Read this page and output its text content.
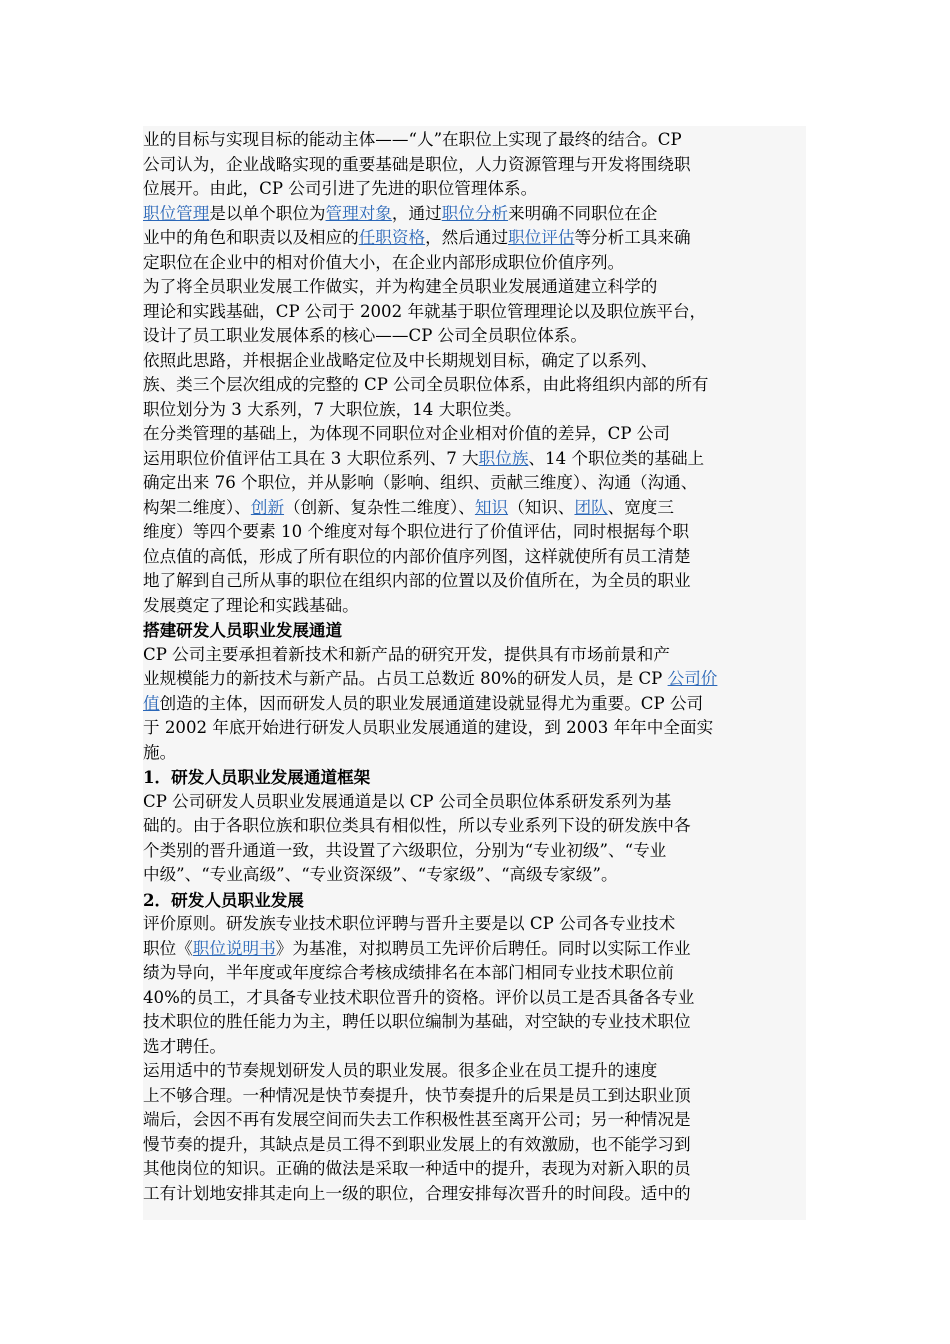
业的目标与实现目标的能动主体——“人”在职位上实现了最终的结合。CP
公司认为，企业战略实现的重要基础是职位，人力资源管理与开发将围绕职
位展开。由此，CP 公司引进了先进的职位管理体系。
职位管理是以单个职位为管理对象，通过职位分析来明确不同职位在企
业中的角色和职责以及相应的任职资格，然后通过职位评估等分析工具来确
定职位在企业中的相对价值大小，在企业内部形成职位价值序列。
为了将全员职业发展工作做实，并为构建全员职业发展通道建立科学的
理论和实践基础，CP 公司于 2002 年就基于职位管理理论以及职位族平台，
设计了员工职业发展体系的核心——CP 公司全员职位体系。
依照此思路，并根据企业战略定位及中长期规划目标，确定了以系列、
族、类三个层次组成的完整的 CP 公司全员职位体系，由此将组织内部的所有
职位划分为 3 大系列，7 大职位族，14 大职位类。
在分类管理的基础上，为体现不同职位对企业相对价值的差异，CP 公司
运用职位价值评估工具在 3 大职位系列、7 大职位族、14 个职位类的基础上
确定出来 76 个职位，并从影响（影响、组织、贡献三维度）、沟通（沟通、
构架二维度）、创新（创新、复杂性二维度）、知识（知识、团队、宽度三
维度）等四个要素 10 个维度对每个职位进行了价值评估，同时根据每个职
位点值的高低，形成了所有职位的内部价值序列图，这样就使所有员工清楚
地了解到自己所从事的职位在组织内部的位置以及价值所在，为全员的职业
发展奠定了理论和实践基础。
搭建研发人员职业发展通道
CP 公司主要承担着新技术和新产品的研究开发，提供具有市场前景和产
业规模能力的新技术与新产品。占员工总数近 80%的研发人员，是 CP 公司价
值创造的主体，因而研发人员的职业发展通道建设就显得尤为重要。CP 公司
于 2002 年底开始进行研发人员职业发展通道的建设，到 2003 年年中全面实
施。
1．研发人员职业发展通道框架
CP 公司研发人员职业发展通道是以 CP 公司全员职位体系研发系列为基
础的。由于各职位族和职位类具有相似性，所以专业系列下设的研发族中各
个类别的晋升通道一致，共设置了六级职位，分别为“专业初级”、“专业
中级”、“专业高级”、“专业资深级”、“专家级”、“高级专家级”。
2．研发人员职业发展
评价原则。研发族专业技术职位评聘与晋升主要是以 CP 公司各专业技术
职位《职位说明书》为基准，对拟聘员工先评价后聘任。同时以实际工作业
绩为导向，半年度或年度综合考核成绩排名在本部门相同专业技术职位前
40%的员工，才具备专业技术职位晋升的资格。评价以员工是否具备各专业
技术职位的胜任能力为主，聘任以职位编制为基础，对空缺的专业技术职位
选才聘任。
运用适中的节奏规划研发人员的职业发展。很多企业在员工提升的速度
上不够合理。一种情况是快节奏提升，快节奏提升的后果是员工到达职业顶
端后，会因不再有发展空间而失去工作积极性甚至离开公司；另一种情况是
慢节奏的提升，其缺点是员工得不到职业发展上的有效激励，也不能学习到
其他岗位的知识。正确的做法是采取一种适中的提升，表现为对新入职的员
工有计划地安排其走向上一级的职位，合理安排每次晋升的时间段。适中的
